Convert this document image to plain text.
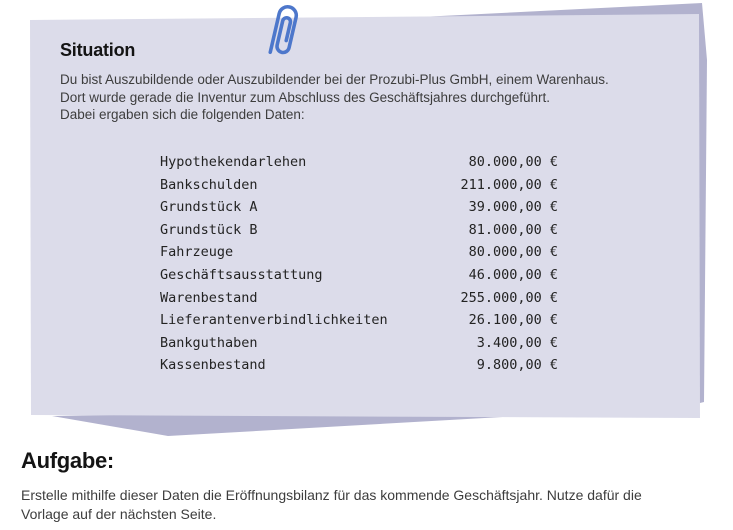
Situation
Du bist Auszubildende oder Auszubildender bei der Prozubi-Plus GmbH, einem Warenhaus.
Dort wurde gerade die Inventur zum Abschluss des Geschäftsjahres durchgeführt.
Dabei ergaben sich die folgenden Daten:
Hypothekendarlehen	80.000,00 €
Bankschulden	211.000,00 €
Grundstück A	39.000,00 €
Grundstück B	81.000,00 €
Fahrzeuge	80.000,00 €
Geschäftsausstattung	46.000,00 €
Warenbestand	255.000,00 €
Lieferantenverbindlichkeiten	26.100,00 €
Bankguthaben	3.400,00 €
Kassenbestand	9.800,00 €
Aufgabe:
Erstelle mithilfe dieser Daten die Eröffnungsbilanz für das kommende Geschäftsjahr. Nutze dafür die
Vorlage auf der nächsten Seite.
